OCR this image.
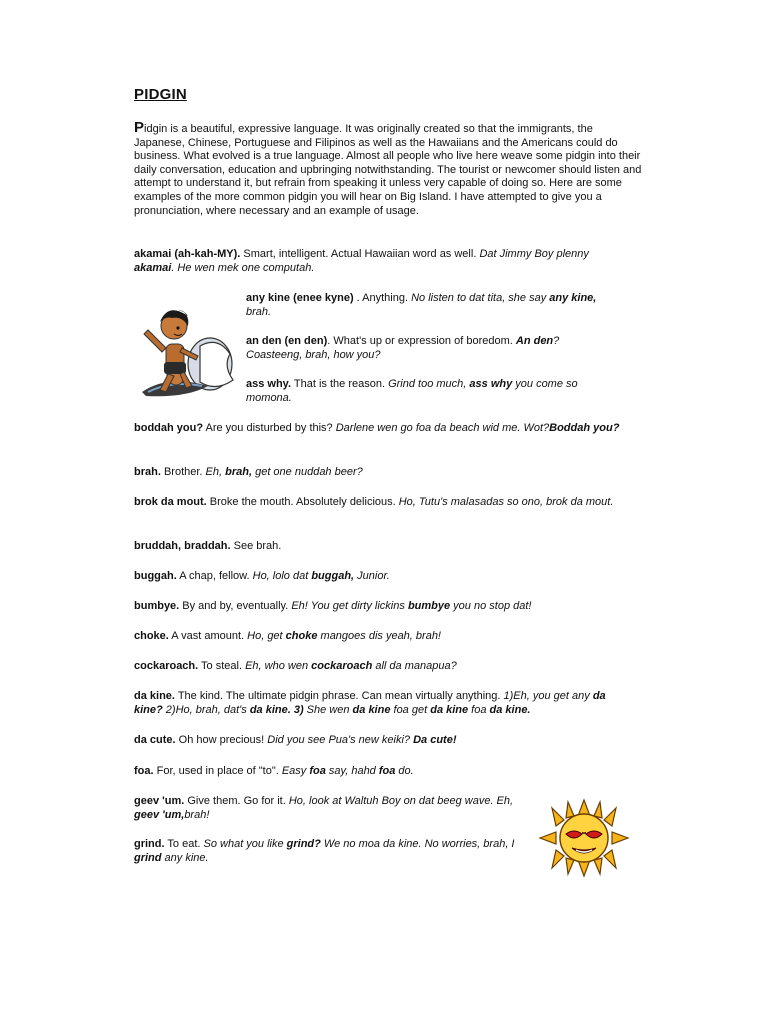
PIDGIN
Pidgin is a beautiful, expressive language. It was originally created so that the immigrants, the Japanese, Chinese, Portuguese and Filipinos as well as the Hawaiians and the Americans could do business. What evolved is a true language. Almost all people who live here weave some pidgin into their daily conversation, education and upbringing notwithstanding. The tourist or newcomer should listen and attempt to understand it, but refrain from speaking it unless very capable of doing so. Here are some examples of the more common pidgin you will hear on Big Island. I have attempted to give you a pronunciation, where necessary and an example of usage.
akamai (ah-kah-MY). Smart, intelligent. Actual Hawaiian word as well. Dat Jimmy Boy plenny akamai. He wen mek one computah.
any kine (enee kyne) . Anything. No listen to dat tita, she say any kine, brah.
an den (en den). What's up or expression of boredom. An den? Coasteeng, brah, how you?
ass why. That is the reason. Grind too much, ass why you come so momona.
boddah you? Are you disturbed by this? Darlene wen go foa da beach wid me. Wot?Boddah you?
brah. Brother. Eh, brah, get one nuddah beer?
brok da mout. Broke the mouth. Absolutely delicious. Ho, Tutu's malasadas so ono, brok da mout.
bruddah, braddah. See brah.
buggah. A chap, fellow. Ho, lolo dat buggah, Junior.
bumbye. By and by, eventually. Eh! You get dirty lickins bumbye you no stop dat!
choke. A vast amount. Ho, get choke mangoes dis yeah, brah!
cockaroach. To steal. Eh, who wen cockaroach all da manapua?
da kine. The kind. The ultimate pidgin phrase. Can mean virtually anything. 1)Eh, you get any da kine? 2)Ho, brah, dat's da kine. 3) She wen da kine foa get da kine foa da kine.
da cute. Oh how precious! Did you see Pua's new keiki? Da cute!
foa. For, used in place of "to". Easy foa say, hahd foa do.
geev 'um. Give them. Go for it. Ho, look at Waltuh Boy on dat beeg wave. Eh, geev 'um,brah!
grind. To eat. So what you like grind? We no moa da kine. No worries, brah, I grind any kine.
